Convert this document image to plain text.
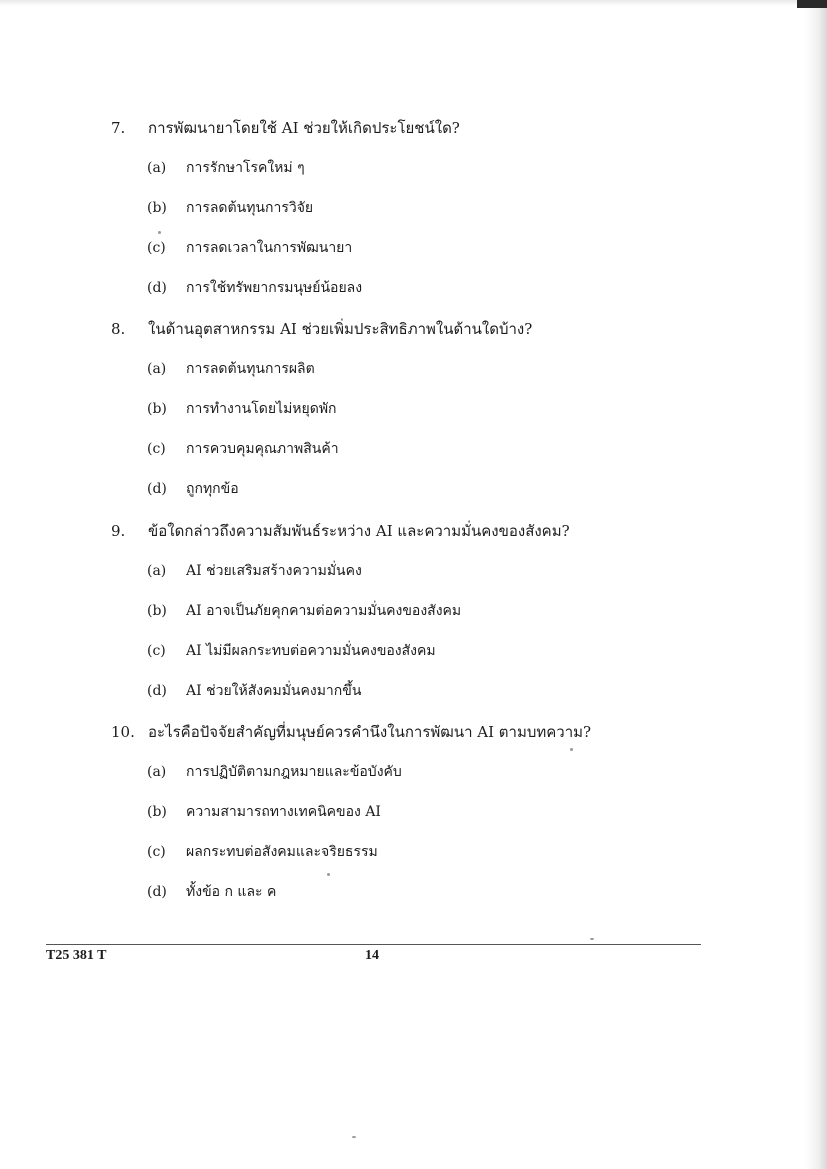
7. การพัฒนายาโดยใช้ AI ช่วยให้เกิดประโยชน์ใด?
(a) การรักษาโรคใหม่ ๆ
(b) การลดต้นทุนการวิจัย
(c) การลดเวลาในการพัฒนายา
(d) การใช้ทรัพยากรมนุษย์น้อยลง
8. ในด้านอุตสาหกรรม AI ช่วยเพิ่มประสิทธิภาพในด้านใดบ้าง?
(a) การลดต้นทุนการผลิต
(b) การทำงานโดยไม่หยุดพัก
(c) การควบคุมคุณภาพสินค้า
(d) ถูกทุกข้อ
9. ข้อใดกล่าวถึงความสัมพันธ์ระหว่าง AI และความมั่นคงของสังคม?
(a) AI ช่วยเสริมสร้างความมั่นคง
(b) AI อาจเป็นภัยคุกคามต่อความมั่นคงของสังคม
(c) AI ไม่มีผลกระทบต่อความมั่นคงของสังคม
(d) AI ช่วยให้สังคมมั่นคงมากขึ้น
10. อะไรคือปัจจัยสำคัญที่มนุษย์ควรคำนึงในการพัฒนา AI ตามบทความ?
(a) การปฏิบัติตามกฎหมายและข้อบังคับ
(b) ความสามารถทางเทคนิคของ AI
(c) ผลกระทบต่อสังคมและจริยธรรม
(d) ทั้งข้อ ก และ ค
T25 381 T	14
